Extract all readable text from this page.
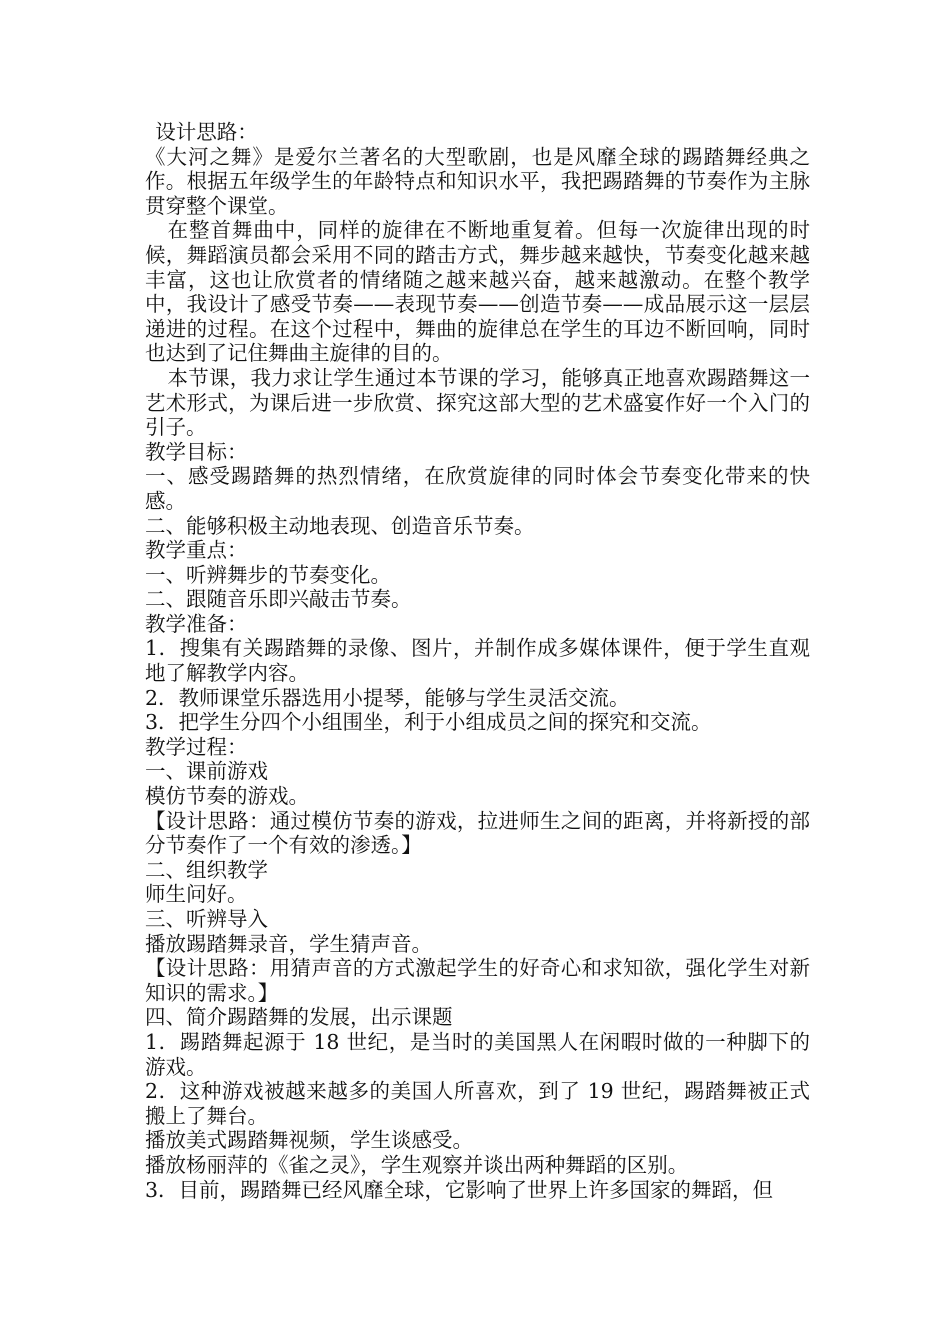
设计思路：

《大河之舞》是爱尔兰著名的大型歌剧，也是风靡全球的踢踏舞经典之作。根据五年级学生的年龄特点和知识水平，我把踢踏舞的节奏作为主脉贯穿整个课堂。

在整首舞曲中，同样的旋律在不断地重复着。但每一次旋律出现的时候，舞蹈演员都会采用不同的踏击方式，舞步越来越快，节奏变化越来越丰富，这也让欣赏者的情绪随之越来越兴奋，越来越激动。在整个教学中，我设计了感受节奏——表现节奏——创造节奏——成品展示这一层层递进的过程。在这个过程中，舞曲的旋律总在学生的耳边不断回响，同时也达到了记住舞曲主旋律的目的。

本节课，我力求让学生通过本节课的学习，能够真正地喜欢踢踏舞这一艺术形式，为课后进一步欣赏、探究这部大型的艺术盛宴作好一个入门的引子。

教学目标：

一、感受踢踏舞的热烈情绪，在欣赏旋律的同时体会节奏变化带来的快感。

二、能够积极主动地表现、创造音乐节奏。

教学重点：

一、听辨舞步的节奏变化。

二、跟随音乐即兴敲击节奏。

教学准备：

1．搜集有关踢踏舞的录像、图片，并制作成多媒体课件，便于学生直观地了解教学内容。

2．教师课堂乐器选用小提琴，能够与学生灵活交流。

3．把学生分四个小组围坐，利于小组成员之间的探究和交流。

教学过程：

一、课前游戏

模仿节奏的游戏。

【设计思路：通过模仿节奏的游戏，拉进师生之间的距离，并将新授的部分节奏作了一个有效的渗透。】

二、组织教学

师生问好。

三、听辨导入

播放踢踏舞录音，学生猜声音。

【设计思路：用猜声音的方式激起学生的好奇心和求知欲，强化学生对新知识的需求。】

四、简介踢踏舞的发展，出示课题

1．踢踏舞起源于 18 世纪，是当时的美国黑人在闲暇时做的一种脚下的游戏。

2．这种游戏被越来越多的美国人所喜欢，到了 19 世纪，踢踏舞被正式搬上了舞台。

播放美式踢踏舞视频，学生谈感受。

播放杨丽萍的《雀之灵》，学生观察并谈出两种舞蹈的区别。

3．目前，踢踏舞已经风靡全球，它影响了世界上许多国家的舞蹈，但
